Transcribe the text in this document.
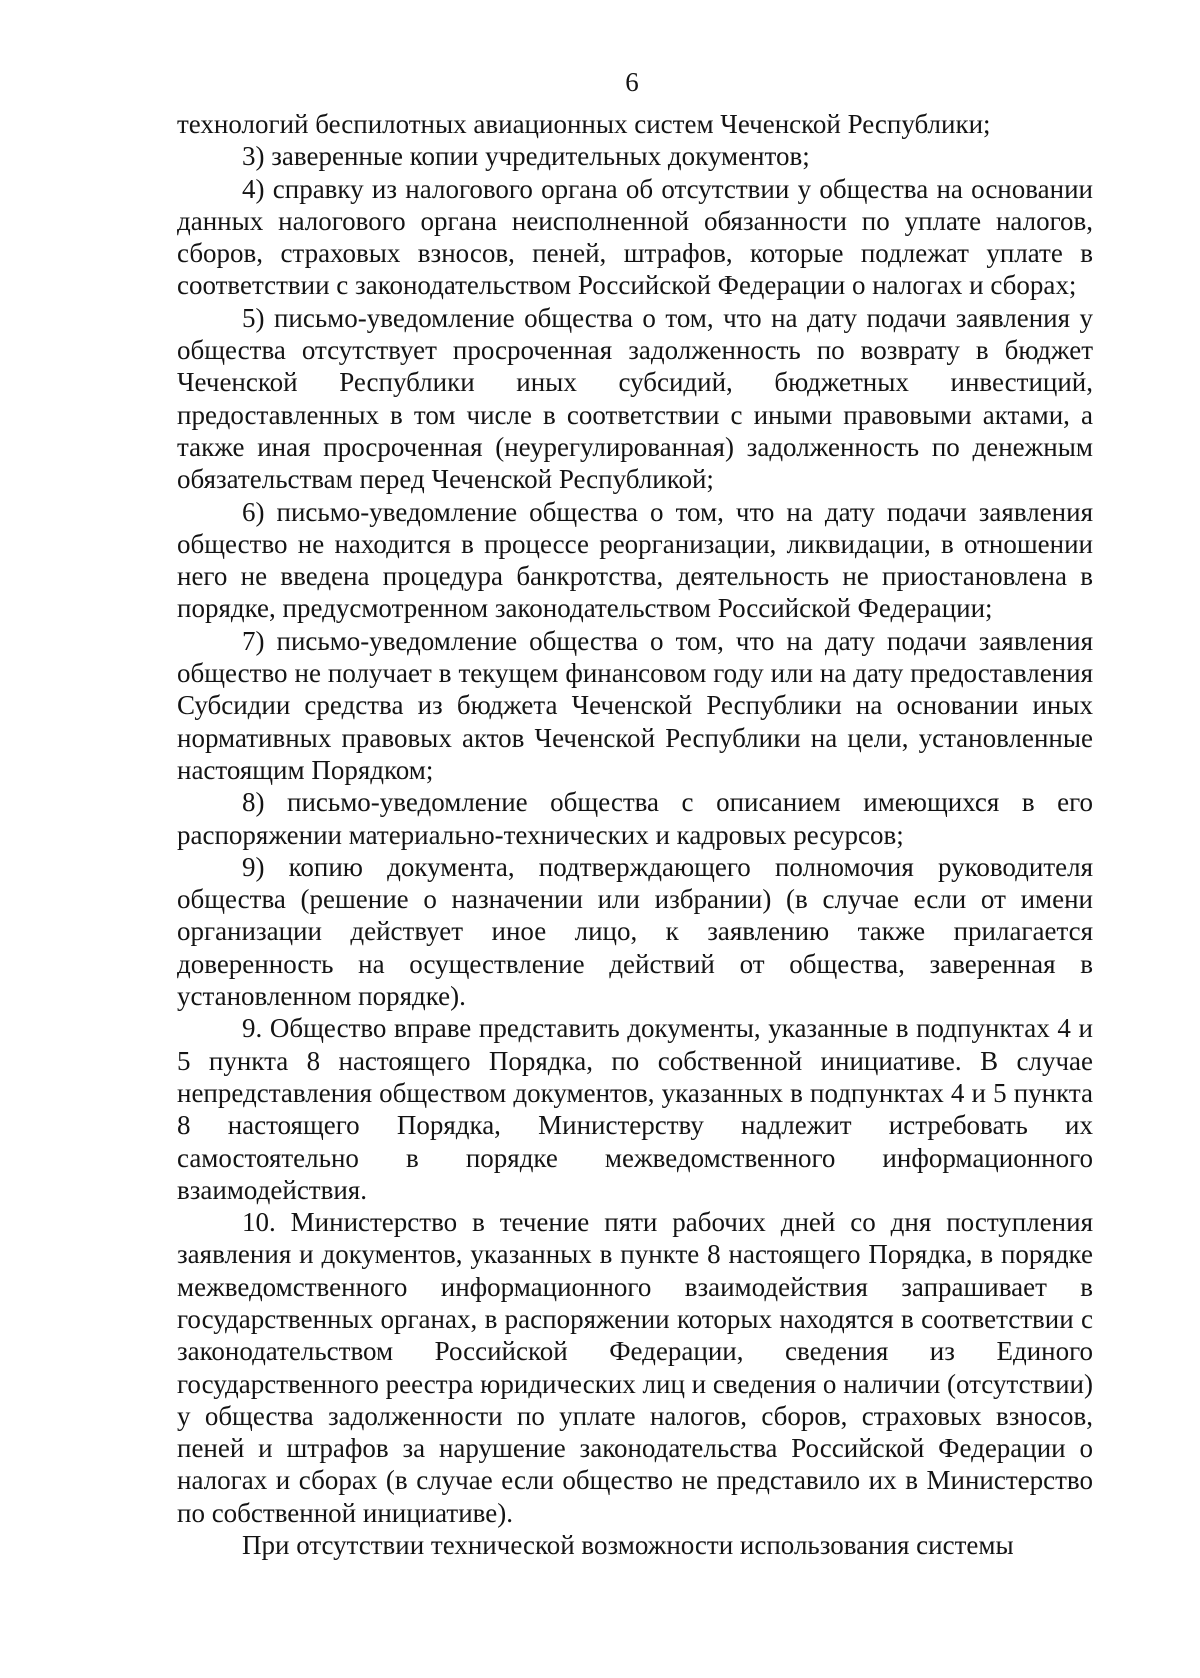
6

технологий беспилотных авиационных систем Чеченской Республики;

3) заверенные копии учредительных документов;

4) справку из налогового органа об отсутствии у общества на основании данных налогового органа неисполненной обязанности по уплате налогов, сборов, страховых взносов, пеней, штрафов, которые подлежат уплате в соответствии с законодательством Российской Федерации о налогах и сборах;

5) письмо-уведомление общества о том, что на дату подачи заявления у общества отсутствует просроченная задолженность по возврату в бюджет Чеченской Республики иных субсидий, бюджетных инвестиций, предоставленных в том числе в соответствии с иными правовыми актами, а также иная просроченная (неурегулированная) задолженность по денежным обязательствам перед Чеченской Республикой;

6) письмо-уведомление общества о том, что на дату подачи заявления общество не находится в процессе реорганизации, ликвидации, в отношении него не введена процедура банкротства, деятельность не приостановлена в порядке, предусмотренном законодательством Российской Федерации;

7) письмо-уведомление общества о том, что на дату подачи заявления общество не получает в текущем финансовом году или на дату предоставления Субсидии средства из бюджета Чеченской Республики на основании иных нормативных правовых актов Чеченской Республики на цели, установленные настоящим Порядком;

8) письмо-уведомление общества с описанием имеющихся в его распоряжении материально-технических и кадровых ресурсов;

9) копию документа, подтверждающего полномочия руководителя общества (решение о назначении или избрании) (в случае если от имени организации действует иное лицо, к заявлению также прилагается доверенность на осуществление действий от общества, заверенная в установленном порядке).

9. Общество вправе представить документы, указанные в подпунктах 4 и 5 пункта 8 настоящего Порядка, по собственной инициативе. В случае непредставления обществом документов, указанных в подпунктах 4 и 5 пункта 8 настоящего Порядка, Министерству надлежит истребовать их самостоятельно в порядке межведомственного информационного взаимодействия.

10. Министерство в течение пяти рабочих дней со дня поступления заявления и документов, указанных в пункте 8 настоящего Порядка, в порядке межведомственного информационного взаимодействия запрашивает в государственных органах, в распоряжении которых находятся в соответствии с законодательством Российской Федерации, сведения из Единого государственного реестра юридических лиц и сведения о наличии (отсутствии) у общества задолженности по уплате налогов, сборов, страховых взносов, пеней и штрафов за нарушение законодательства Российской Федерации о налогах и сборах (в случае если общество не представило их в Министерство по собственной инициативе).

При отсутствии технической возможности использования системы
